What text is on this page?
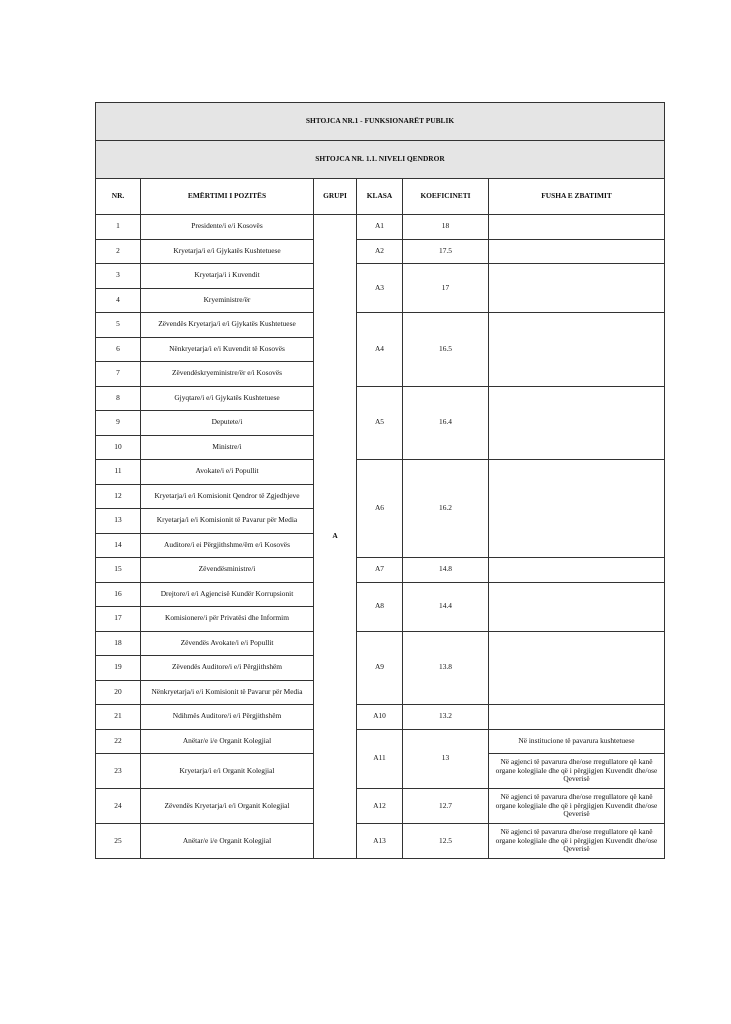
SHTOJCA NR.1 - FUNKSIONARËT PUBLIK					
SHTOJCA NR. 1.1. NIVELI QENDROR					
NR.	EMËRTIMI I POZITËS	GRUPI	KLASA	KOEFICINETI	FUSHA E ZBATIMIT
1	Presidente/i e/i Kosovës	A	A1	18	
2	Kryetarja/i e/i Gjykatës Kushtetuese		A2	17.5	
3	Kryetarja/i i Kuvendit		A3	17	
4	Kryeministre/ër				
5	Zëvendës Kryetarja/i e/i Gjykatës Kushtetuese		A4	16.5	
6	Nënkryetarja/i e/i Kuvendit të Kosovës				
7	Zëvendëskryeministre/ër e/i Kosovës				
8	Gjyqtare/i e/i Gjykatës Kushtetuese		A5	16.4	
9	Deputete/i				
10	Ministre/i				
11	Avokate/i e/i Popullit		A6	16.2	
12	Kryetarja/i e/i Komisionit Qendror të Zgjedhjeve				
13	Kryetarja/i e/i Komisionit të Pavarur për Media				
14	Auditore/i ei Përgjithshme/ëm e/i Kosovës				
15	Zëvendësministre/i		A7	14.8	
16	Drejtore/i e/i Agjencisë Kundër Korrupsionit		A8	14.4	
17	Komisionere/i për Privatësi dhe Informim				
18	Zëvendës Avokate/i e/i Popullit		A9	13.8	
19	Zëvendës Auditore/i e/i Përgjithshëm				
20	Nënkryetarja/i e/i Komisionit të Pavarur për Media				
21	Ndihmës Auditore/i e/i Përgjithshëm		A10	13.2	
22	Anëtar/e i/e Organit Kolegjial		A11	13	Në institucione të pavarura kushtetuese
23	Kryetarja/i e/i Organit Kolegjial				Në agjenci të pavarura dhe/ose rregullatore që kanë organe kolegjiale dhe që i përgjigjen Kuvendit dhe/ose Qeverisë
24	Zëvendës Kryetarja/i e/i Organit Kolegjial		A12	12.7	Në agjenci të pavarura dhe/ose rregullatore që kanë organe kolegjiale dhe që i përgjigjen Kuvendit dhe/ose Qeverisë
25	Anëtar/e i/e Organit Kolegjial		A13	12.5	Në agjenci të pavarura dhe/ose rregullatore që kanë organe kolegjiale dhe që i përgjigjen Kuvendit dhe/ose Qeverisë
